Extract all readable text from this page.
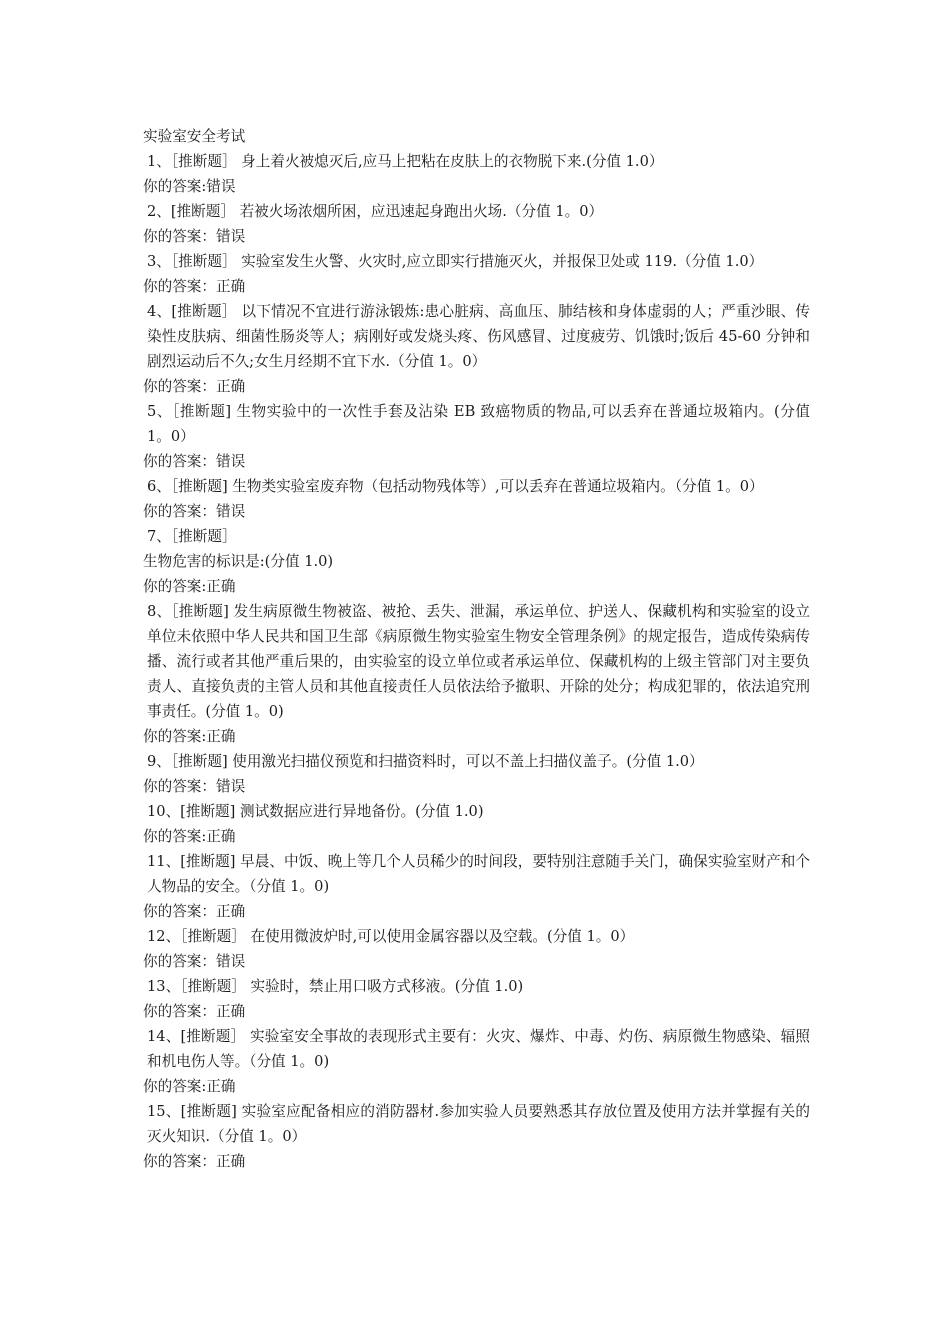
实验室安全考试

1、［推断题］ 身上着火被熄灭后,应马上把粘在皮肤上的衣物脱下来.(分值 1.0）

你的答案:错误

2、[推断题］ 若被火场浓烟所困，应迅速起身跑出火场.（分值 1。0）

你的答案：错误

3、［推断题］ 实验室发生火警、火灾时,应立即实行措施灭火，并报保卫处或 119.（分值 1.0）

你的答案：正确

4、[推断题］ 以下情况不宜进行游泳锻炼:患心脏病、高血压、肺结核和身体虚弱的人；严重沙眼、传染性皮肤病、细菌性肠炎等人；病刚好或发烧头疼、伤风感冒、过度疲劳、饥饿时;饭后 45-60 分钟和剧烈运动后不久;女生月经期不宜下水.（分值 1。0）

你的答案：正确

5、［推断题] 生物实验中的一次性手套及沾染 EB 致癌物质的物品,可以丢弃在普通垃圾箱内。(分值 1。0）

你的答案：错误

6、［推断题] 生物类实验室废弃物（包括动物残体等）,可以丢弃在普通垃圾箱内。（分值 1。0）

你的答案：错误

7、［推断题］

生物危害的标识是:(分值 1.0)

你的答案:正确

8、［推断题] 发生病原微生物被盗、被抢、丢失、泄漏，承运单位、护送人、保藏机构和实验室的设立单位未依照中华人民共和国卫生部《病原微生物实验室生物安全管理条例》的规定报告，造成传染病传播、流行或者其他严重后果的，由实验室的设立单位或者承运单位、保藏机构的上级主管部门对主要负责人、直接负责的主管人员和其他直接责任人员依法给予撤职、开除的处分；构成犯罪的，依法追究刑事责任。(分值 1。0)

你的答案:正确

9、［推断题] 使用激光扫描仪预览和扫描资料时，可以不盖上扫描仪盖子。(分值 1.0）

你的答案：错误

10、[推断题] 测试数据应进行异地备份。(分值 1.0)

你的答案:正确

11、[推断题] 早晨、中饭、晚上等几个人员稀少的时间段，要特别注意随手关门，确保实验室财产和个人物品的安全。（分值 1。0)

你的答案：正确

12、［推断题］ 在使用微波炉时,可以使用金属容器以及空载。(分值 1。0）

你的答案：错误

13、［推断题］ 实验时，禁止用口吸方式移液。(分值 1.0)

你的答案：正确

14、[推断题］ 实验室安全事故的表现形式主要有：火灾、爆炸、中毒、灼伤、病原微生物感染、辐照和机电伤人等。（分值 1。0)

你的答案:正确

15、[推断题] 实验室应配备相应的消防器材.参加实验人员要熟悉其存放位置及使用方法并掌握有关的灭火知识.（分值 1。0）

你的答案：正确
